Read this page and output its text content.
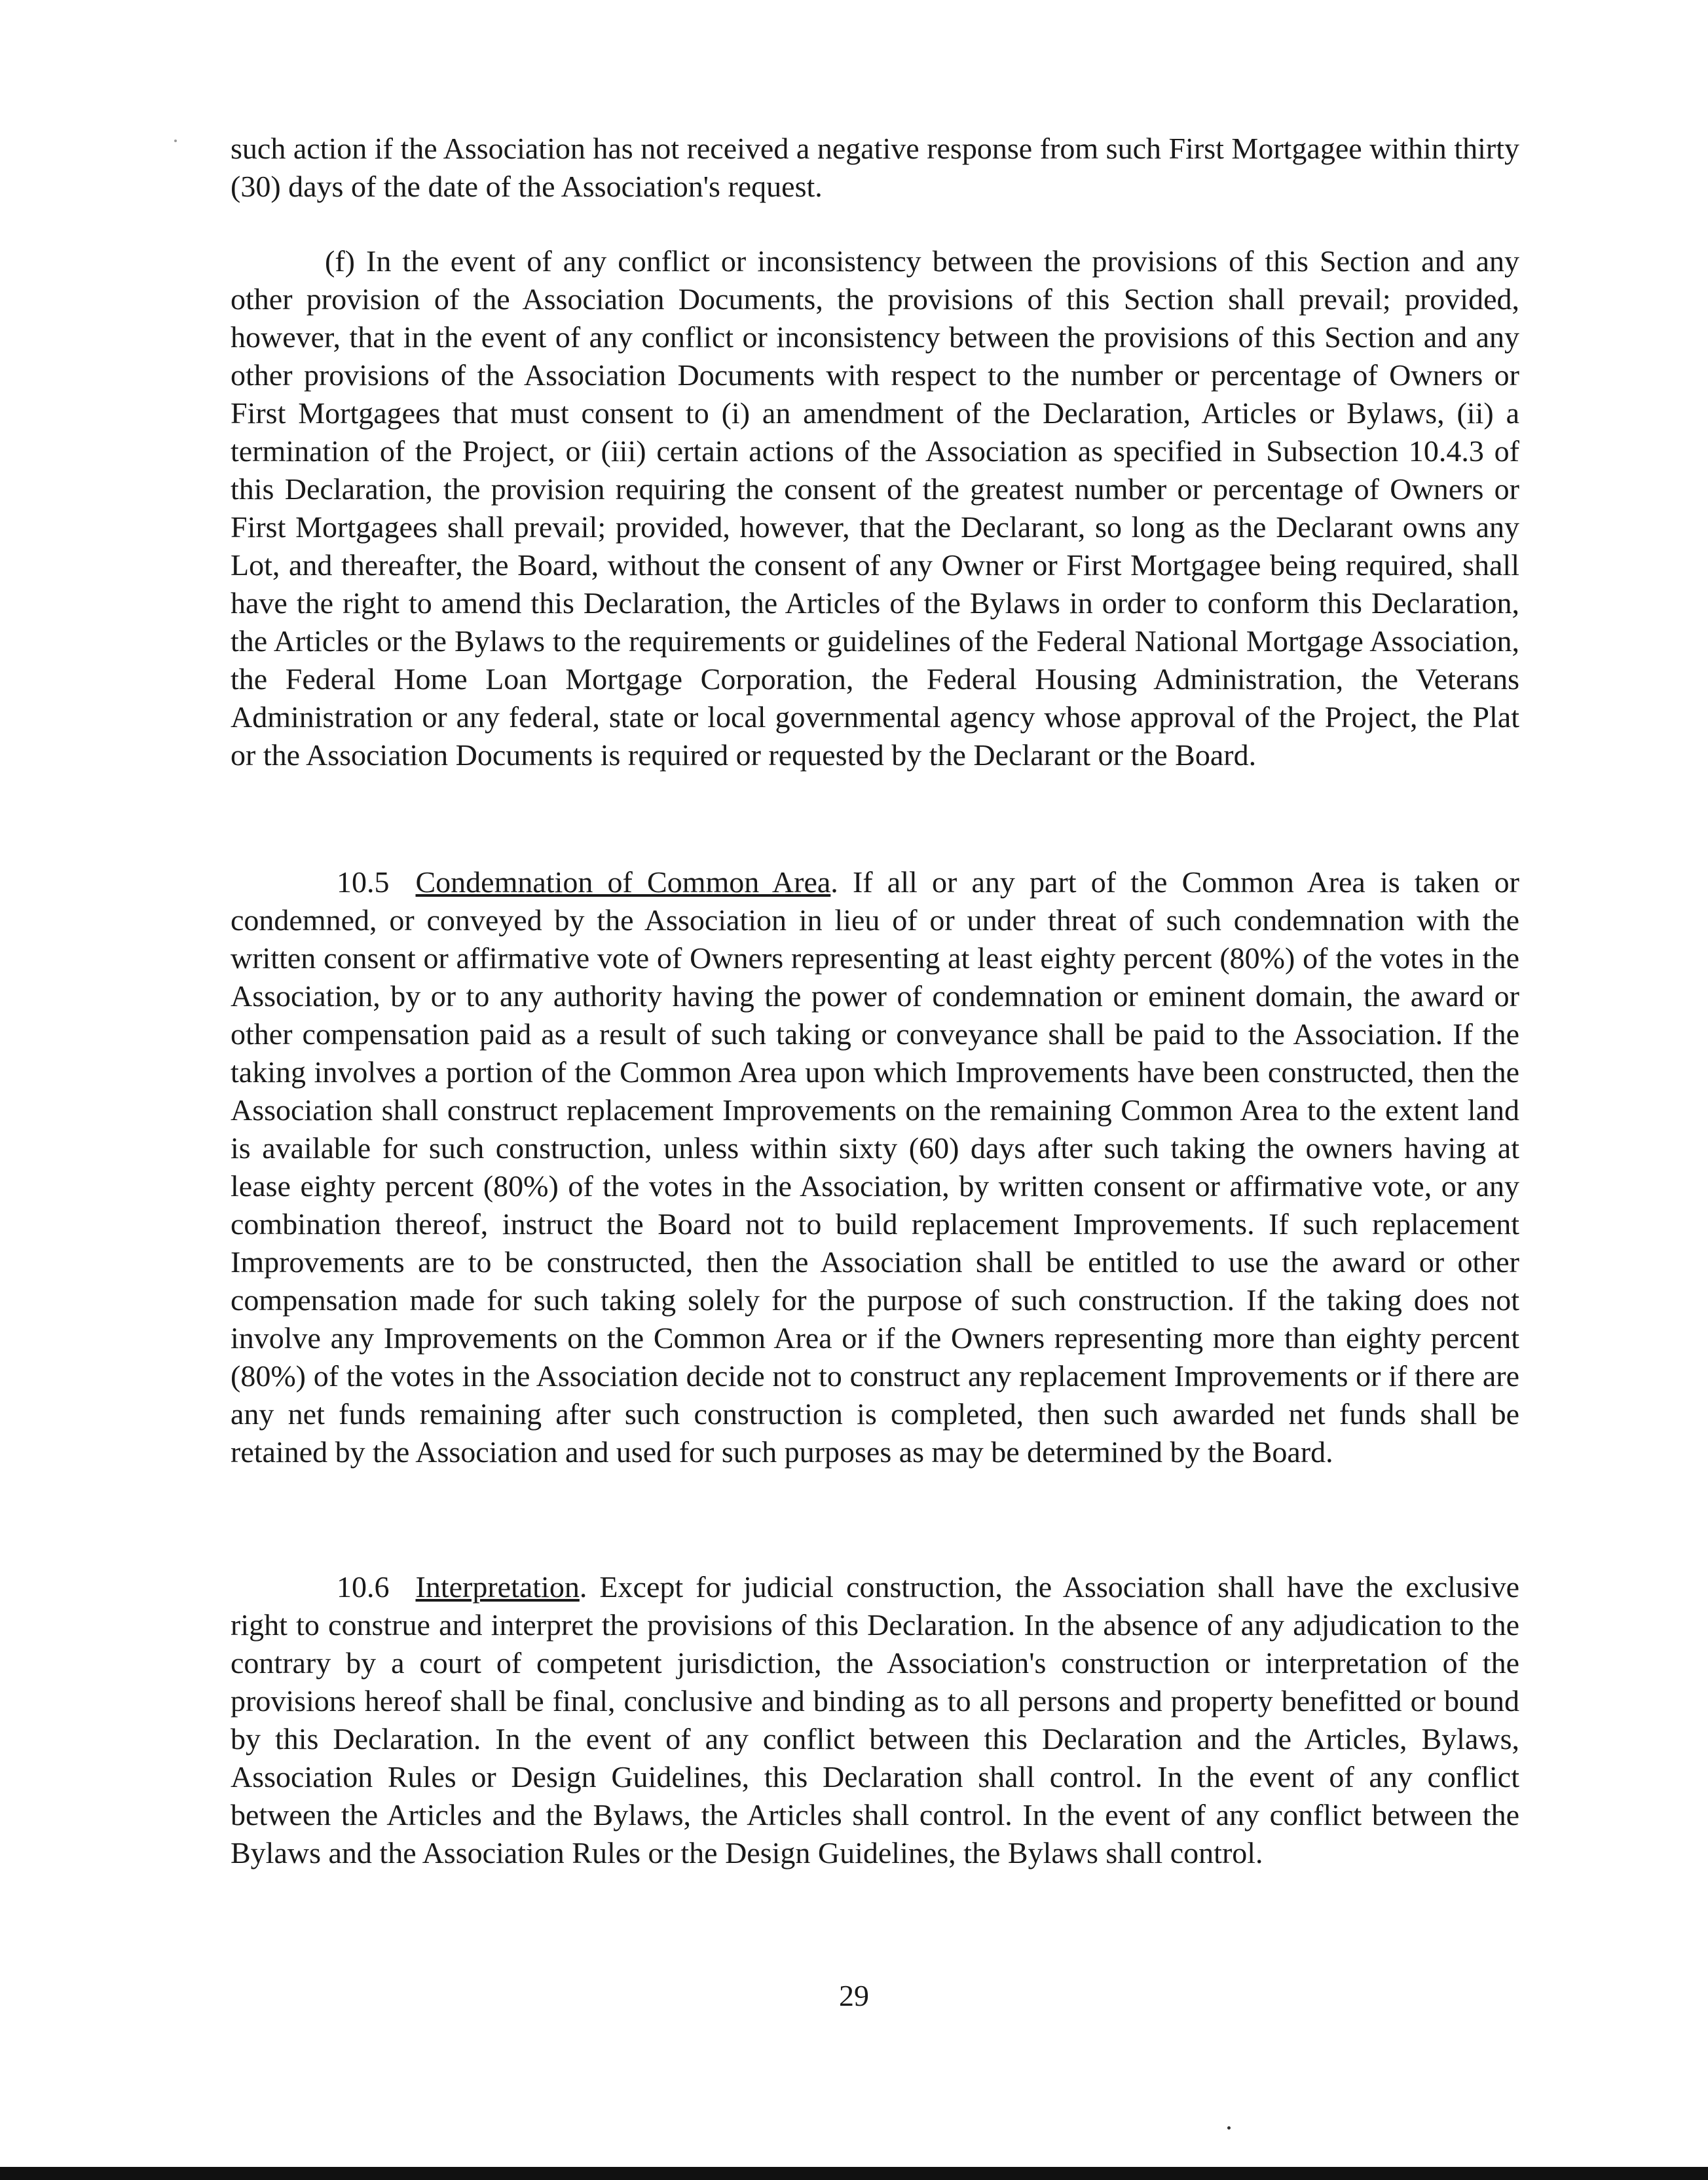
such action if the Association has not received a negative response from such First Mortgagee within thirty (30) days of the date of the Association's request.

(f) In the event of any conflict or inconsistency between the provisions of this Section and any other provision of the Association Documents, the provisions of this Section shall prevail; provided, however, that in the event of any conflict or inconsistency between the provisions of this Section and any other provisions of the Association Documents with respect to the number or percentage of Owners or First Mortgagees that must consent to (i) an amendment of the Declaration, Articles or Bylaws, (ii) a termination of the Project, or (iii) certain actions of the Association as specified in Subsection 10.4.3 of this Declaration, the provision requiring the consent of the greatest number or percentage of Owners or First Mortgagees shall prevail; provided, however, that the Declarant, so long as the Declarant owns any Lot, and thereafter, the Board, without the consent of any Owner or First Mortgagee being required, shall have the right to amend this Declaration, the Articles of the Bylaws in order to conform this Declaration, the Articles or the Bylaws to the requirements or guidelines of the Federal National Mortgage Association, the Federal Home Loan Mortgage Corporation, the Federal Housing Administration, the Veterans Administration or any federal, state or local governmental agency whose approval of the Project, the Plat or the Association Documents is required or requested by the Declarant or the Board.

10.5 Condemnation of Common Area. If all or any part of the Common Area is taken or condemned, or conveyed by the Association in lieu of or under threat of such condemnation with the written consent or affirmative vote of Owners representing at least eighty percent (80%) of the votes in the Association, by or to any authority having the power of condemnation or eminent domain, the award or other compensation paid as a result of such taking or conveyance shall be paid to the Association. If the taking involves a portion of the Common Area upon which Improvements have been constructed, then the Association shall construct replacement Improvements on the remaining Common Area to the extent land is available for such construction, unless within sixty (60) days after such taking the owners having at lease eighty percent (80%) of the votes in the Association, by written consent or affirmative vote, or any combination thereof, instruct the Board not to build replacement Improvements. If such replacement Improvements are to be constructed, then the Association shall be entitled to use the award or other compensation made for such taking solely for the purpose of such construction. If the taking does not involve any Improvements on the Common Area or if the Owners representing more than eighty percent (80%) of the votes in the Association decide not to construct any replacement Improvements or if there are any net funds remaining after such construction is completed, then such awarded net funds shall be retained by the Association and used for such purposes as may be determined by the Board.

10.6 Interpretation. Except for judicial construction, the Association shall have the exclusive right to construe and interpret the provisions of this Declaration. In the absence of any adjudication to the contrary by a court of competent jurisdiction, the Association's construction or interpretation of the provisions hereof shall be final, conclusive and binding as to all persons and property benefitted or bound by this Declaration. In the event of any conflict between this Declaration and the Articles, Bylaws, Association Rules or Design Guidelines, this Declaration shall control. In the event of any conflict between the Articles and the Bylaws, the Articles shall control. In the event of any conflict between the Bylaws and the Association Rules or the Design Guidelines, the Bylaws shall control.

29
